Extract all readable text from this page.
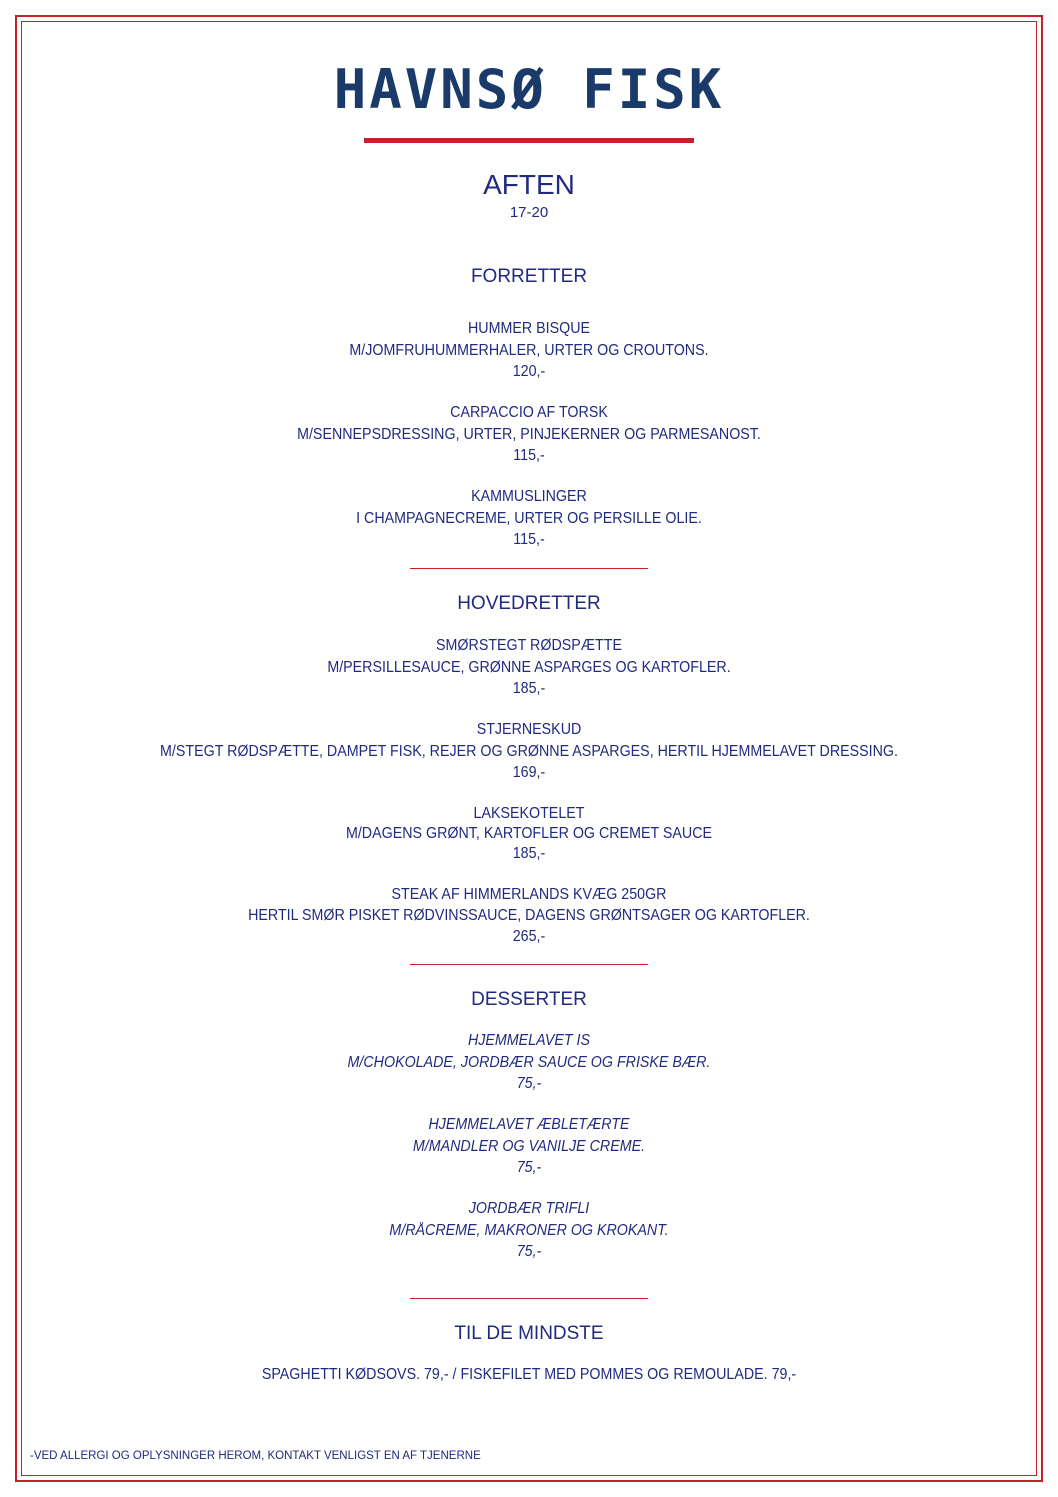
HAVNSØ FISK
AFTEN
17-20
FORRETTER
HUMMER BISQUE
M/JOMFRUHUMMERHALER, URTER OG CROUTONS.
120,-
CARPACCIO AF TORSK
M/SENNEPSDRESSING, URTER, PINJEKERNER OG PARMESANOST.
115,-
KAMMUSLINGER
I CHAMPAGNECREME, URTER OG PERSILLE OLIE.
115,-
HOVEDRETTER
SMØRSTEGT RØDSPÆTTE
M/PERSILLESAUCE, GRØNNE ASPARGES OG KARTOFLER.
185,-
STJERNESKUD
M/STEGT RØDSPÆTTE, DAMPET FISK, REJER OG GRØNNE ASPARGES, HERTIL HJEMMELAVET DRESSING.
169,-
LAKSEKOTELET
M/DAGENS GRØNT, KARTOFLER OG CREMET SAUCE
185,-
STEAK AF HIMMERLANDS KVÆG 250GR
HERTIL SMØR PISKET RØDVINSSAUCE, DAGENS GRØNTSAGER OG KARTOFLER.
265,-
DESSERTER
HJEMMELAVET IS
M/CHOKOLADE, JORDBÆR SAUCE OG FRISKE BÆR.
75,-
HJEMMELAVET ÆBLETÆRTE
M/MANDLER OG VANILJE CREME.
75,-
JORDBÆR TRIFLI
M/RÅCREME, MAKRONER OG KROKANT.
75,-
TIL DE MINDSTE
SPAGHETTI KØDSOVS. 79,- / FISKEFILET MED POMMES OG REMOULADE. 79,-
-VED ALLERGI OG OPLYSNINGER HEROM, KONTAKT VENLIGST EN AF TJENERNE
